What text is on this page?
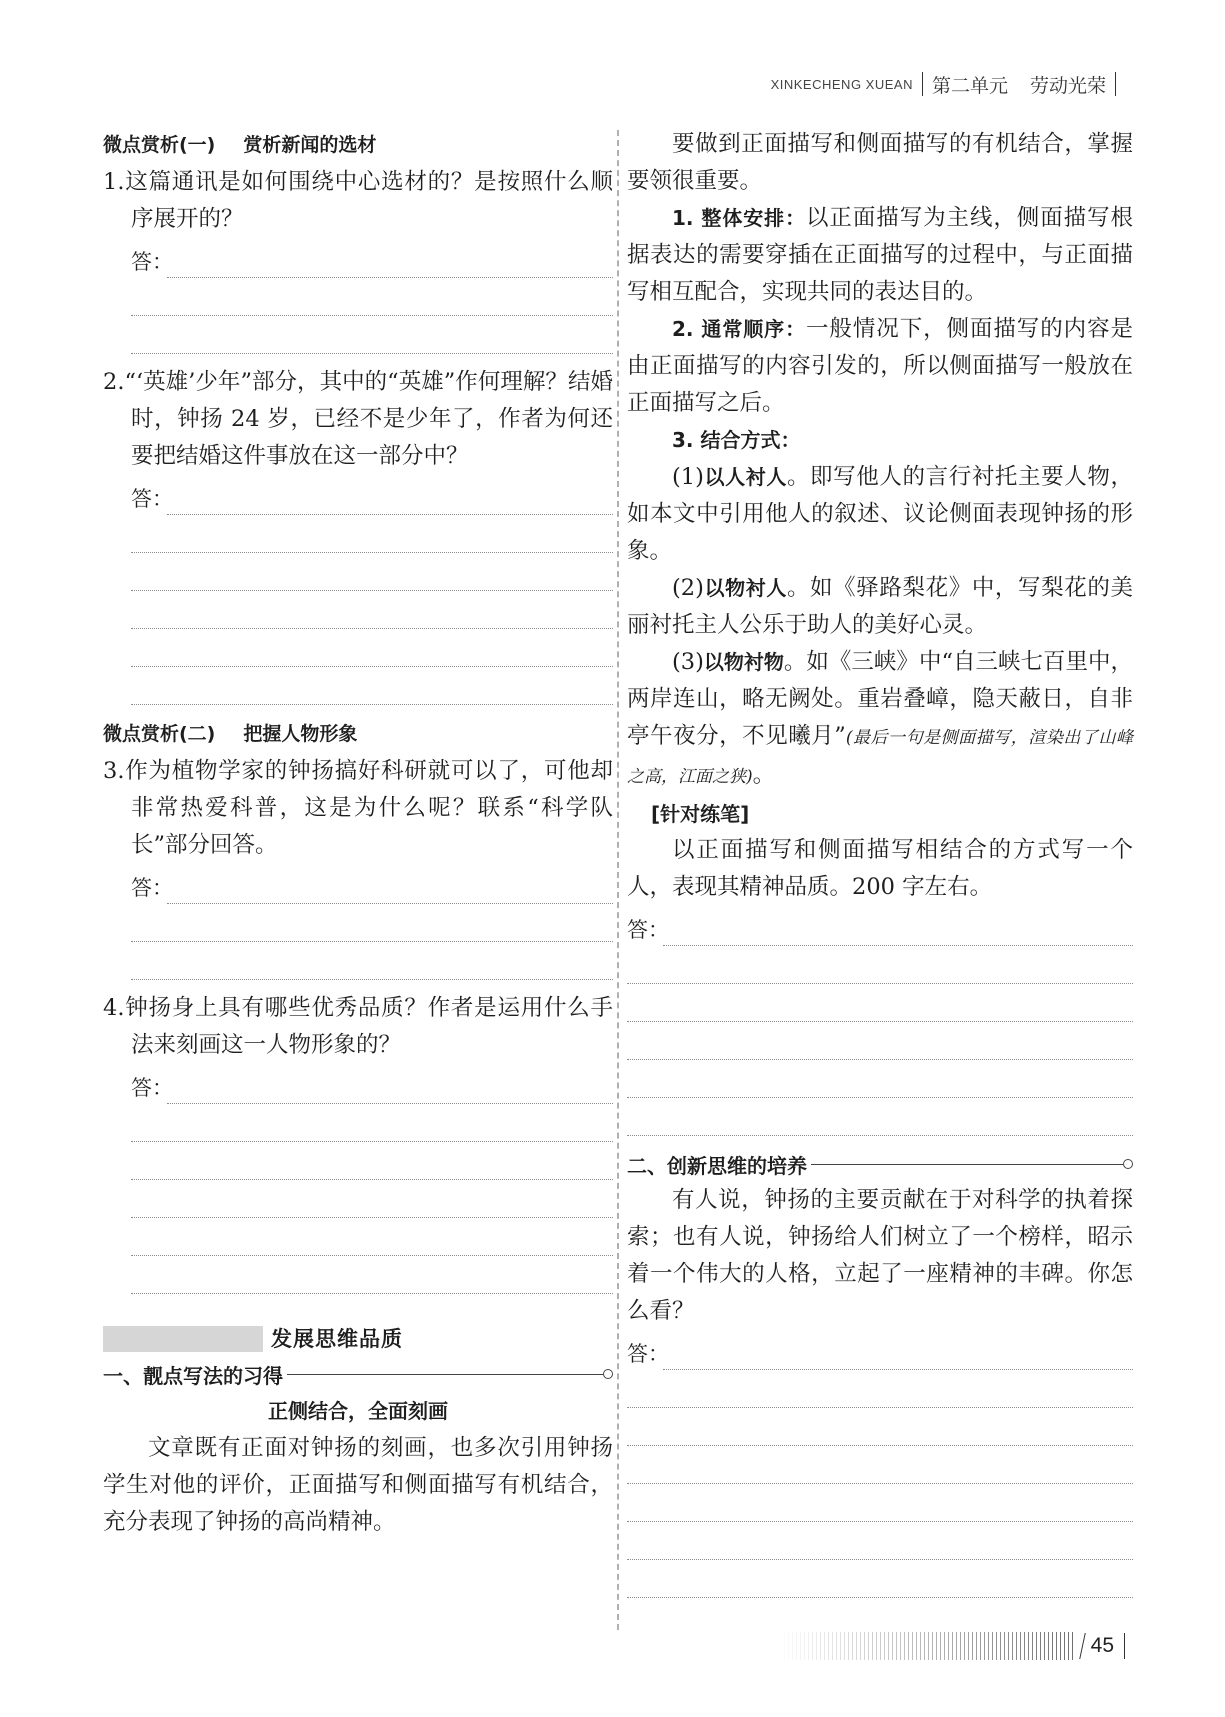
XINKECHENG XUEAN 第二单元 劳动光荣
微点赏析(一) 赏析新闻的选材

1.这篇通讯是如何围绕中心选材的？是按照什么顺序展开的？

答：

2.“‘英雄’少年”部分，其中的“英雄”作何理解？结婚时，钟扬 24 岁，已经不是少年了，作者为何还要把结婚这件事放在这一部分中？

答：
微点赏析(二) 把握人物形象

3.作为植物学家的钟扬搞好科研就可以了，可他却非常热爱科普，这是为什么呢？联系“科学队长”部分回答。

答：

4.钟扬身上具有哪些优秀品质？作者是运用什么手法来刻画这一人物形象的？

答：
发展思维品质
一、靓点写法的习得
正侧结合，全面刻画

文章既有正面对钟扬的刻画，也多次引用钟扬学生对他的评价，正面描写和侧面描写有机结合，充分表现了钟扬的高尚精神。

要做到正面描写和侧面描写的有机结合，掌握要领很重要。

1. 整体安排：以正面描写为主线，侧面描写根据表达的需要穿插在正面描写的过程中，与正面描写相互配合，实现共同的表达目的。

2. 通常顺序：一般情况下，侧面描写的内容是由正面描写的内容引发的，所以侧面描写一般放在正面描写之后。

3. 结合方式：

(1)以人衬人。即写他人的言行衬托主要人物，如本文中引用他人的叙述、议论侧面表现钟扬的形象。

(2)以物衬人。如《驿路梨花》中，写梨花的美丽衬托主人公乐于助人的美好心灵。

(3)以物衬物。如《三峡》中“自三峡七百里中，两岸连山，略无阙处。重岩叠嶂，隐天蔽日，自非亭午夜分，不见曦月”(最后一句是侧面描写，渲染出了山峰之高，江面之狭)。

[针对练笔]

以正面描写和侧面描写相结合的方式写一个人，表现其精神品质。200 字左右。

答：
二、创新思维的培养

有人说，钟扬的主要贡献在于对科学的执着探索；也有人说，钟扬给人们树立了一个榜样，昭示着一个伟大的人格，立起了一座精神的丰碑。你怎么看？

答：
45
